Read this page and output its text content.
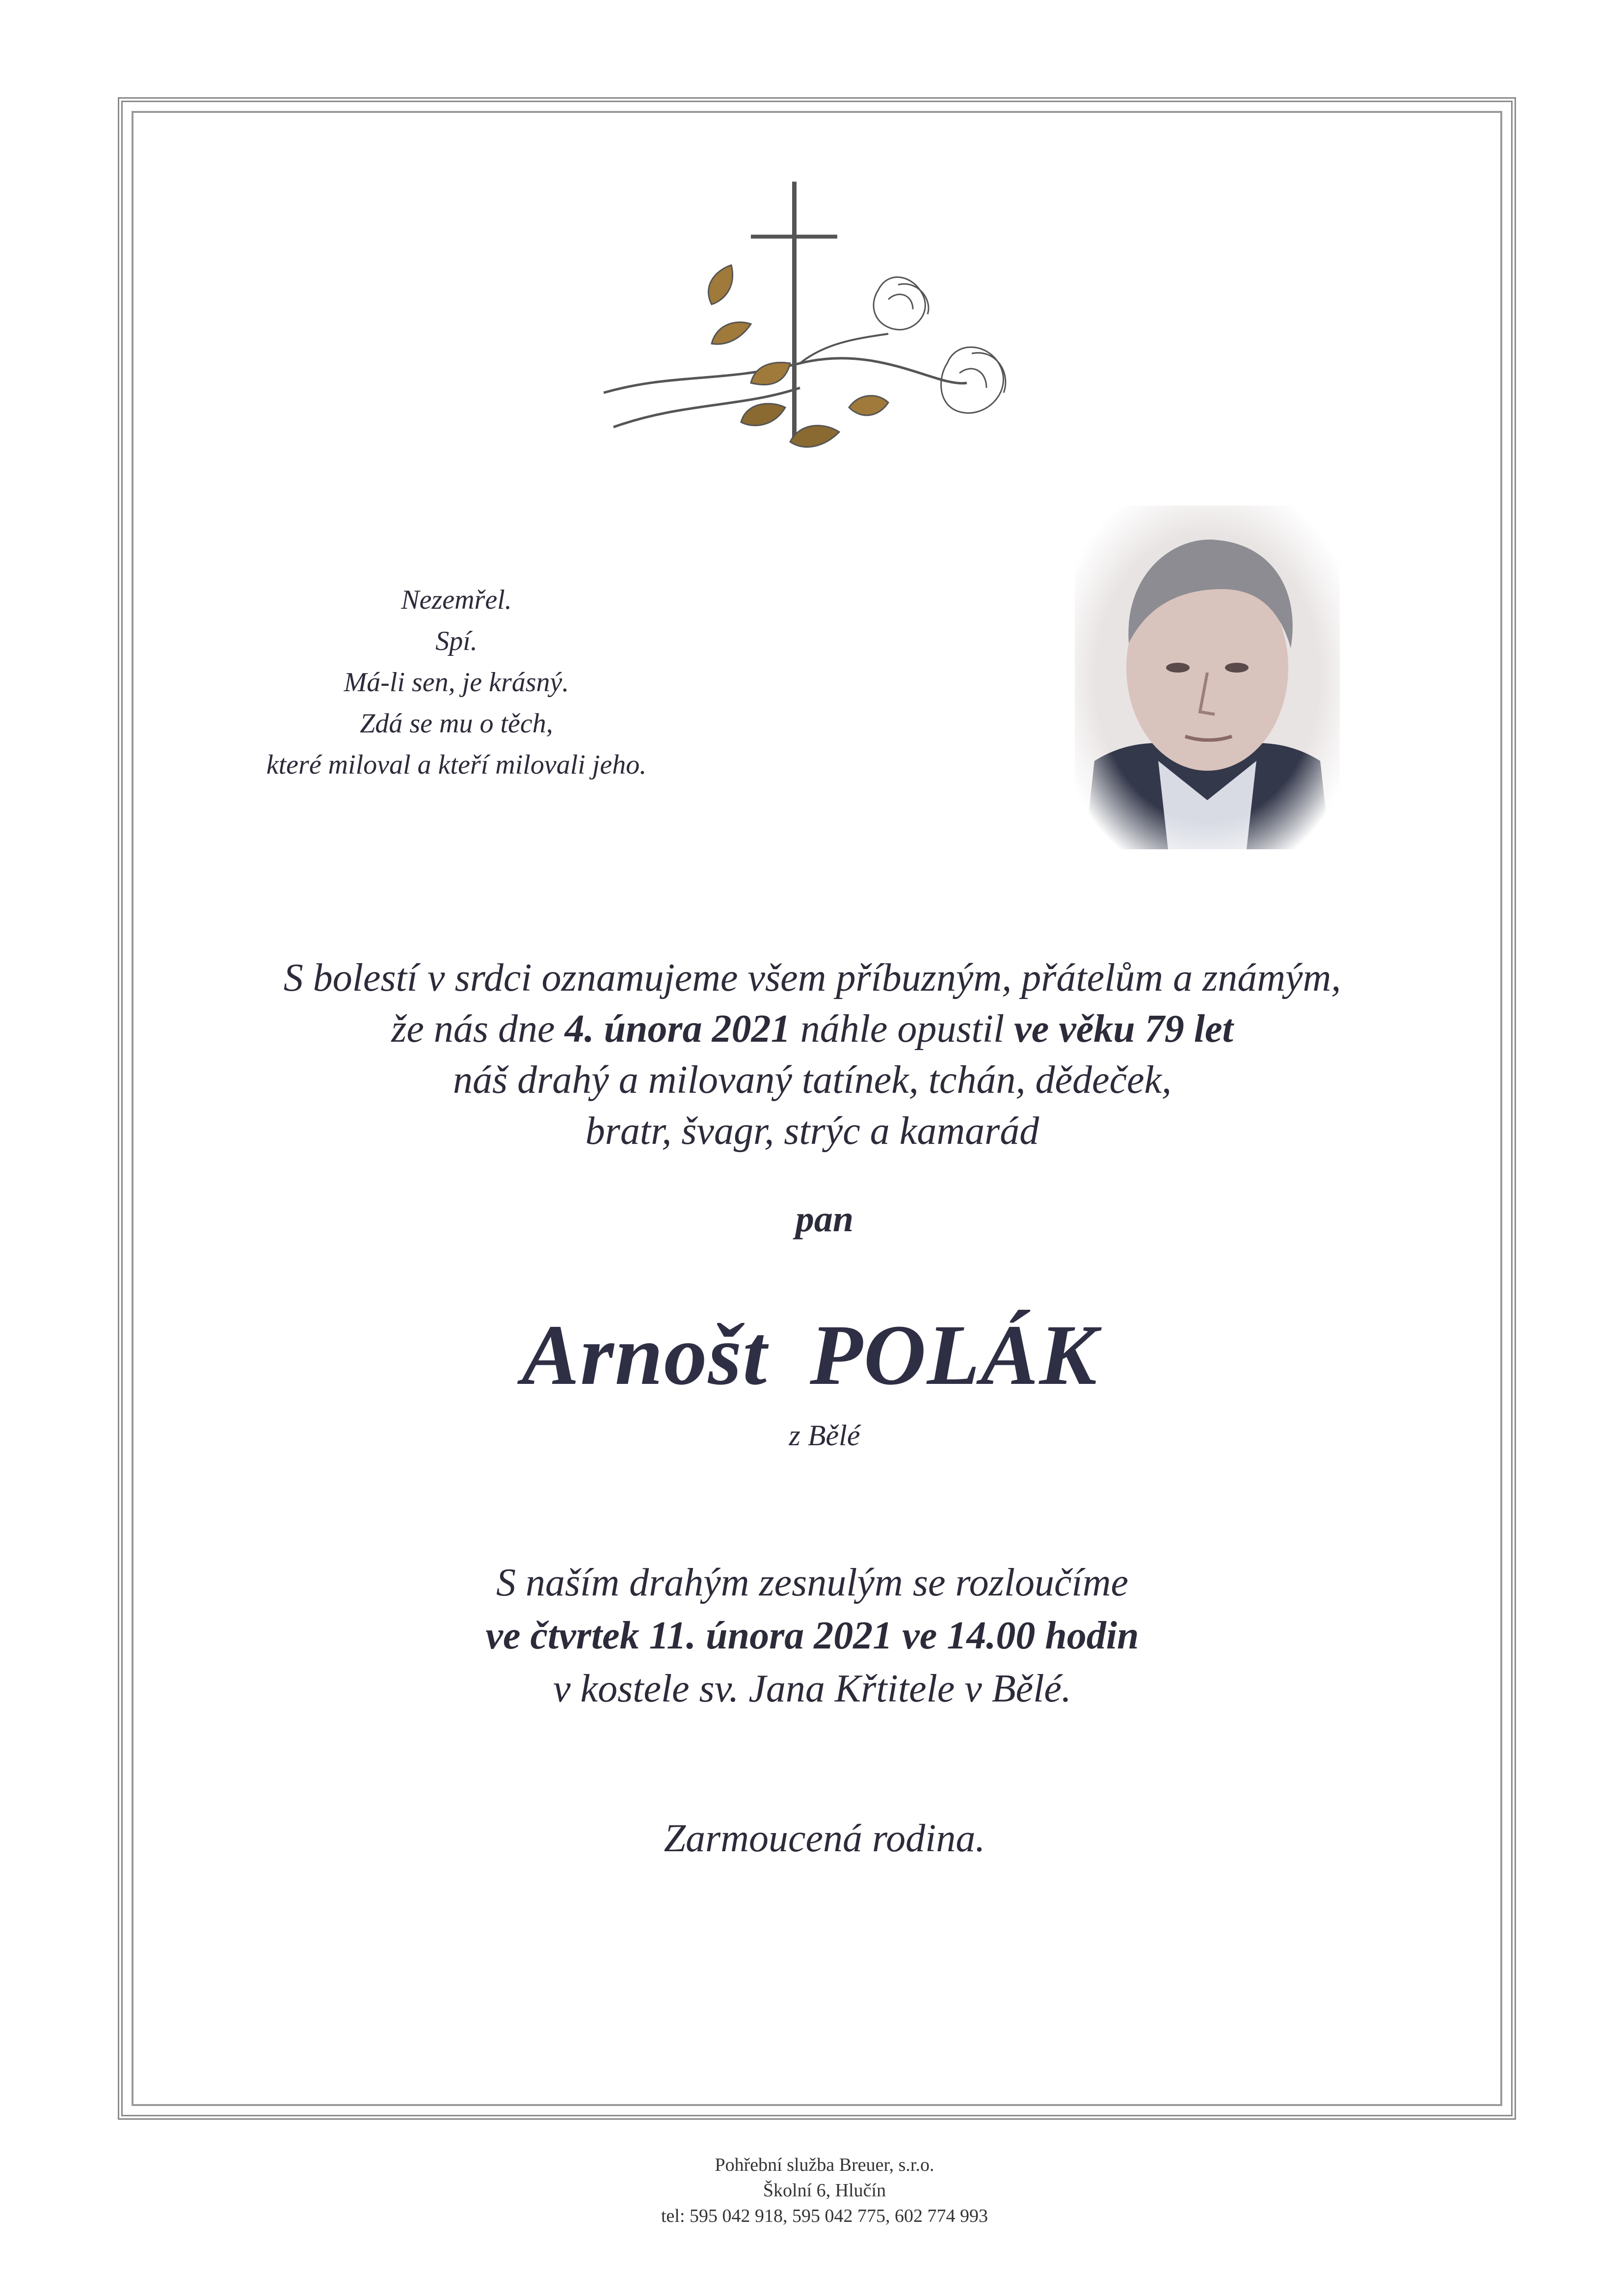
Nezemřel.
Spí.
Má-li sen, je krásný.
Zdá se mu o těch,
které miloval a kteří milovali jeho.
S bolestí v srdci oznamujeme všem příbuzným, přátelům a známým,
že nás dne 4. února 2021 náhle opustil ve věku 79 let
náš drahý a milovaný tatínek, tchán, dědeček,
bratr, švagr, strýc a kamarád
pan
Arnošt POLÁK
z Bělé
S naším drahým zesnulým se rozloučíme
ve čtvrtek 11. února 2021 ve 14.00 hodin
v kostele sv. Jana Křtitele v Bělé.
Zarmoucená rodina.
Pohřební služba Breuer, s.r.o.
Školní 6, Hlučín
tel: 595 042 918, 595 042 775, 602 774 993
